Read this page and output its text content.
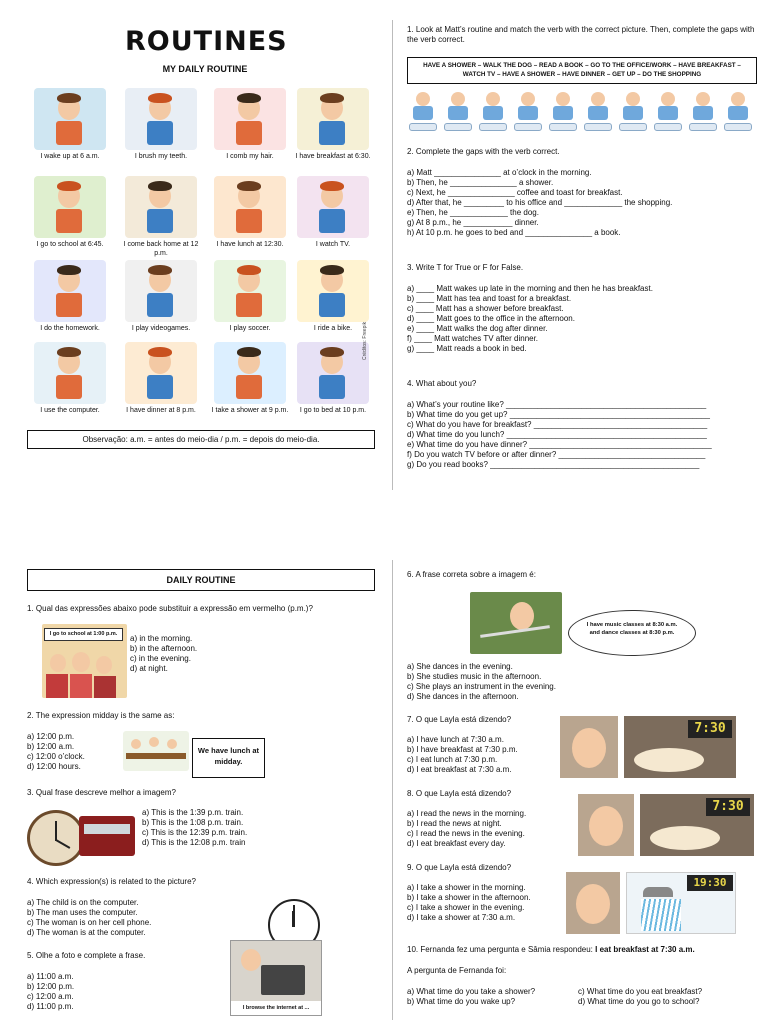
ROUTINES
MY DAILY ROUTINE
I wake up at 6 a.m.	I brush my teeth.	I comb my hair.	I have breakfast at 6:30.
I go to school at 6:45.	I come back home at 12 p.m.
I have lunch at 12:30.	I watch TV.
I do the homework.	I play videogames.	I play soccer.	I ride a bike.
I use the computer.	I have dinner at 8 p.m.	I take a shower at 9 p.m.	I go to bed at 10 p.m.
Créditos: Freepik
Observação: a.m. = antes do meio-dia / p.m. = depois do meio-dia.
1. Look at Matt’s routine and match the verb with the correct picture. Then, complete the gaps with the verb correct.
HAVE A SHOWER – WALK THE DOG – READ A BOOK – GO TO THE OFFICE/WORK – HAVE BREAKFAST – WATCH TV – HAVE A SHOWER – HAVE DINNER – GET UP – DO THE SHOPPING
2. Complete the gaps with the verb correct.
a) Matt _______________ at o’clock in the morning.
b) Then, he _______________ a shower.
c) Next, he _______________ coffee and toast for breakfast.
d) After that, he _________ to his office and _____________ the shopping.
e) Then, he _____________ the dog.
g) At 8 p.m., he ___________ dinner.
h) At 10 p.m. he goes to bed and _______________ a book.
3. Write T for True or F for False.
a) ____ Matt wakes up late in the morning and then he has breakfast.
b) ____ Matt has tea and toast for a breakfast.
c) ____ Matt has a shower before breakfast.
d) ____ Matt goes to the office in the afternoon.
e) ____ Matt walks the dog after dinner.
f) ____ Matt watches TV after dinner.
g) ____ Matt reads a book in bed.
4. What about you?
a) What’s your routine like? _____________________________________________
b) What time do you get up? _____________________________________________
c) What do you have for breakfast? _______________________________________
d) What time do you lunch? _____________________________________________
e) What time do you have dinner? _________________________________________
f) Do you watch TV before or after dinner? _________________________________
g) Do you read books? _______________________________________________
DAILY ROUTINE
1. Qual das expressões abaixo pode substituir a expressão em vermelho (p.m.)?
I go to school at 1:00 p.m.	a) in the morning.
b) in the afternoon.
c) in the evening.
d) at night.
2. The expression midday is the same as:
a) 12:00 p.m.
b) 12:00 a.m.
c) 12:00 o’clock.
d) 12:00 hours.
We have lunch at midday.
3. Qual frase descreve melhor a imagem?
a) This is the 1:39 p.m. train.
b) This is the 1:08 p.m. train.
c) This is the 12:39 p.m. train.
d) This is the 12:08 p.m. train
4. Which expression(s) is related to the picture?
a) The child is on the computer.
b) The man uses the computer.
c) The woman is on her cell phone.
d) The woman is at the computer.
5. Olhe a foto e complete a frase.
a) 11:00 a.m.
b) 12:00 p.m.
c) 12:00 a.m.
d) 11:00 p.m.	I browse the internet at ...
6. A frase correta sobre a imagem é:
I have music classes at 8:30 a.m. and dance classes at 8:30 p.m.
a) She dances in the evening.
b) She studies music in the afternoon.
c) She plays an instrument in the evening.
d) She dances in the afternoon.
7. O que Layla está dizendo?
a) I have lunch at 7:30 a.m.
b) I have breakfast at 7:30 p.m.
c) I eat lunch at 7:30 p.m.
d) I eat breakfast at 7:30 a.m.
7:30
8. O que Layla está dizendo?
a) I read the news in the morning.
b) I read the news at night.
c) I read the news in the evening.
d) I eat breakfast every day.
7:30
9. O que Layla está dizendo?
a) I take a shower in the morning.
b) I take a shower in the afternoon.
c) I take a shower in the evening.
d) I take a shower at 7:30 a.m.
19:30
10. Fernanda fez uma pergunta e Sâmia respondeu: I eat breakfast at 7:30 a.m.
A pergunta de Fernanda foi:
a) What time do you take a shower?
b) What time do you wake up?
c) What time do you eat breakfast?
d) What time do you go to school?
